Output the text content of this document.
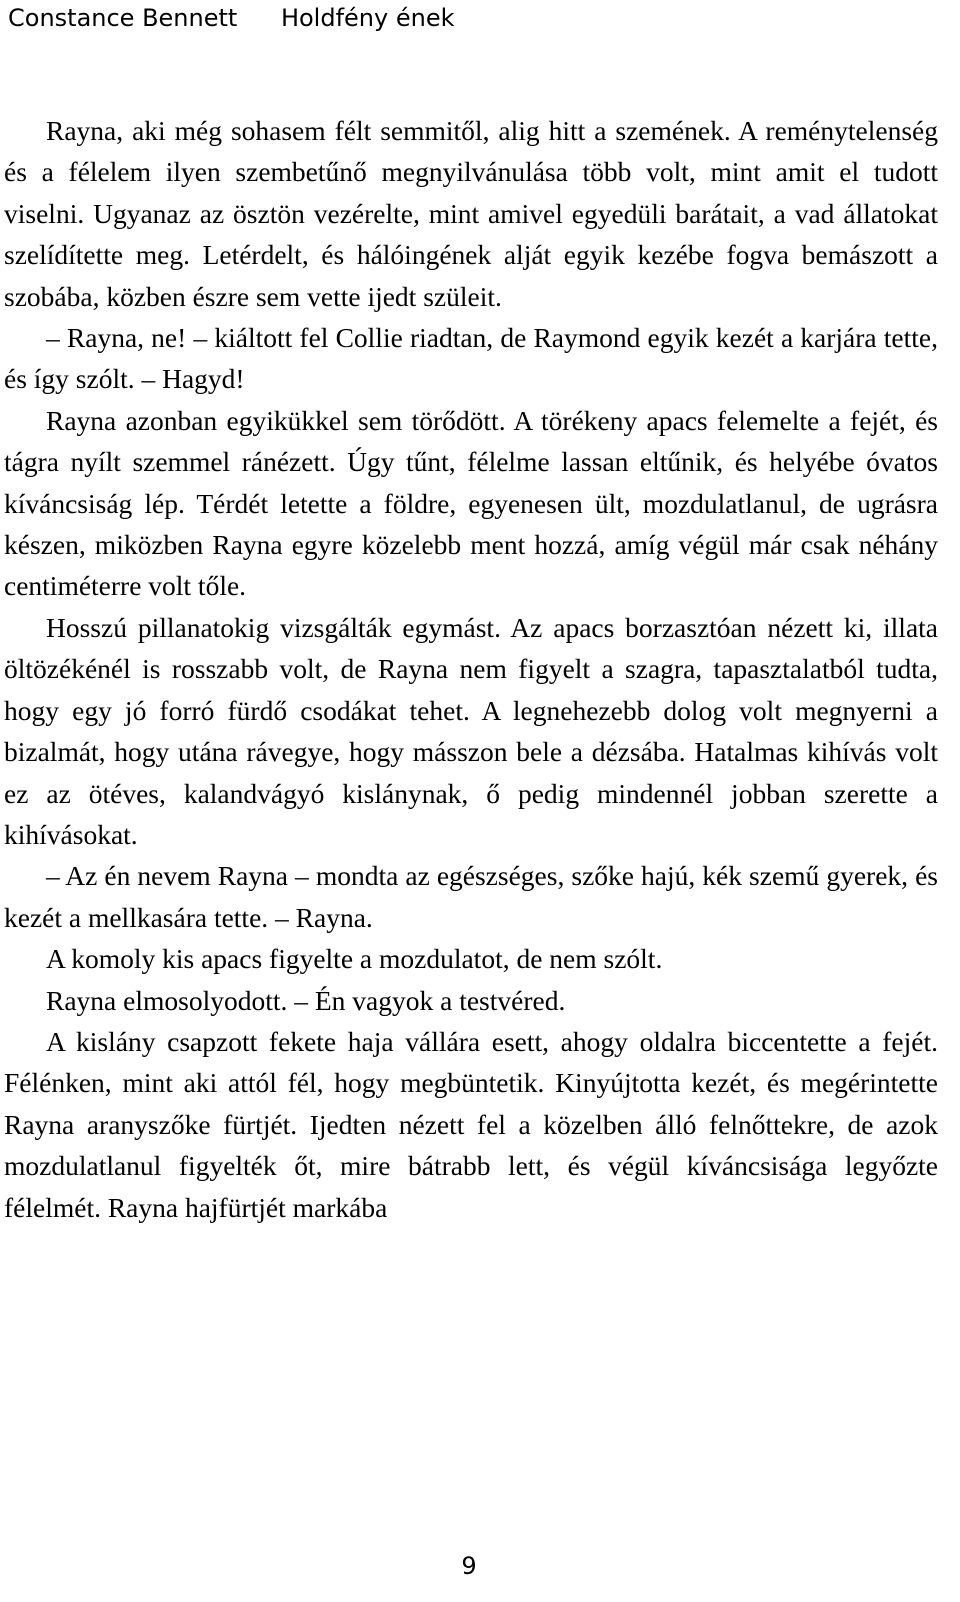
Constance Bennett Holdfény ének

Rayna, aki még sohasem félt semmitől, alig hitt a szemének. A reménytelenség és a félelem ilyen szembetűnő megnyilvánulása több volt, mint amit el tudott viselni. Ugyanaz az ösztön vezérelte, mint amivel egyedüli barátait, a vad állatokat szelídítette meg. Letérdelt, és hálóingének alját egyik kezébe fogva bemászott a szobába, közben észre sem vette ijedt szüleit.

– Rayna, ne! – kiáltott fel Collie riadtan, de Raymond egyik kezét a karjára tette, és így szólt. – Hagyd!

Rayna azonban egyikükkel sem törődött. A törékeny apacs felemelte a fejét, és tágra nyílt szemmel ránézett. Úgy tűnt, félelme lassan eltűnik, és helyébe óvatos kíváncsiság lép. Térdét letette a földre, egyenesen ült, mozdulatlanul, de ugrásra készen, miközben Rayna egyre közelebb ment hozzá, amíg végül már csak néhány centiméterre volt tőle.

Hosszú pillanatokig vizsgálták egymást. Az apacs borzasztóan nézett ki, illata öltözékénél is rosszabb volt, de Rayna nem figyelt a szagra, tapasztalatból tudta, hogy egy jó forró fürdő csodákat tehet. A legnehezebb dolog volt megnyerni a bizalmát, hogy utána rávegye, hogy másszon bele a dézsába. Hatalmas kihívás volt ez az ötéves, kalandvágyó kislánynak, ő pedig mindennél jobban szerette a kihívásokat.

– Az én nevem Rayna – mondta az egészséges, szőke hajú, kék szemű gyerek, és kezét a mellkasára tette. – Rayna.

A komoly kis apacs figyelte a mozdulatot, de nem szólt.

Rayna elmosolyodott. – Én vagyok a testvéred.

A kislány csapzott fekete haja vállára esett, ahogy oldalra biccentette a fejét. Félénken, mint aki attól fél, hogy megbüntetik. Kinyújtotta kezét, és megérintette Rayna aranyszőke fürtjét. Ijedten nézett fel a közelben álló felnőttekre, de azok mozdulatlanul figyelték őt, mire bátrabb lett, és végül kíváncsisága legyőzte félelmét. Rayna hajfürtjét markába

9
